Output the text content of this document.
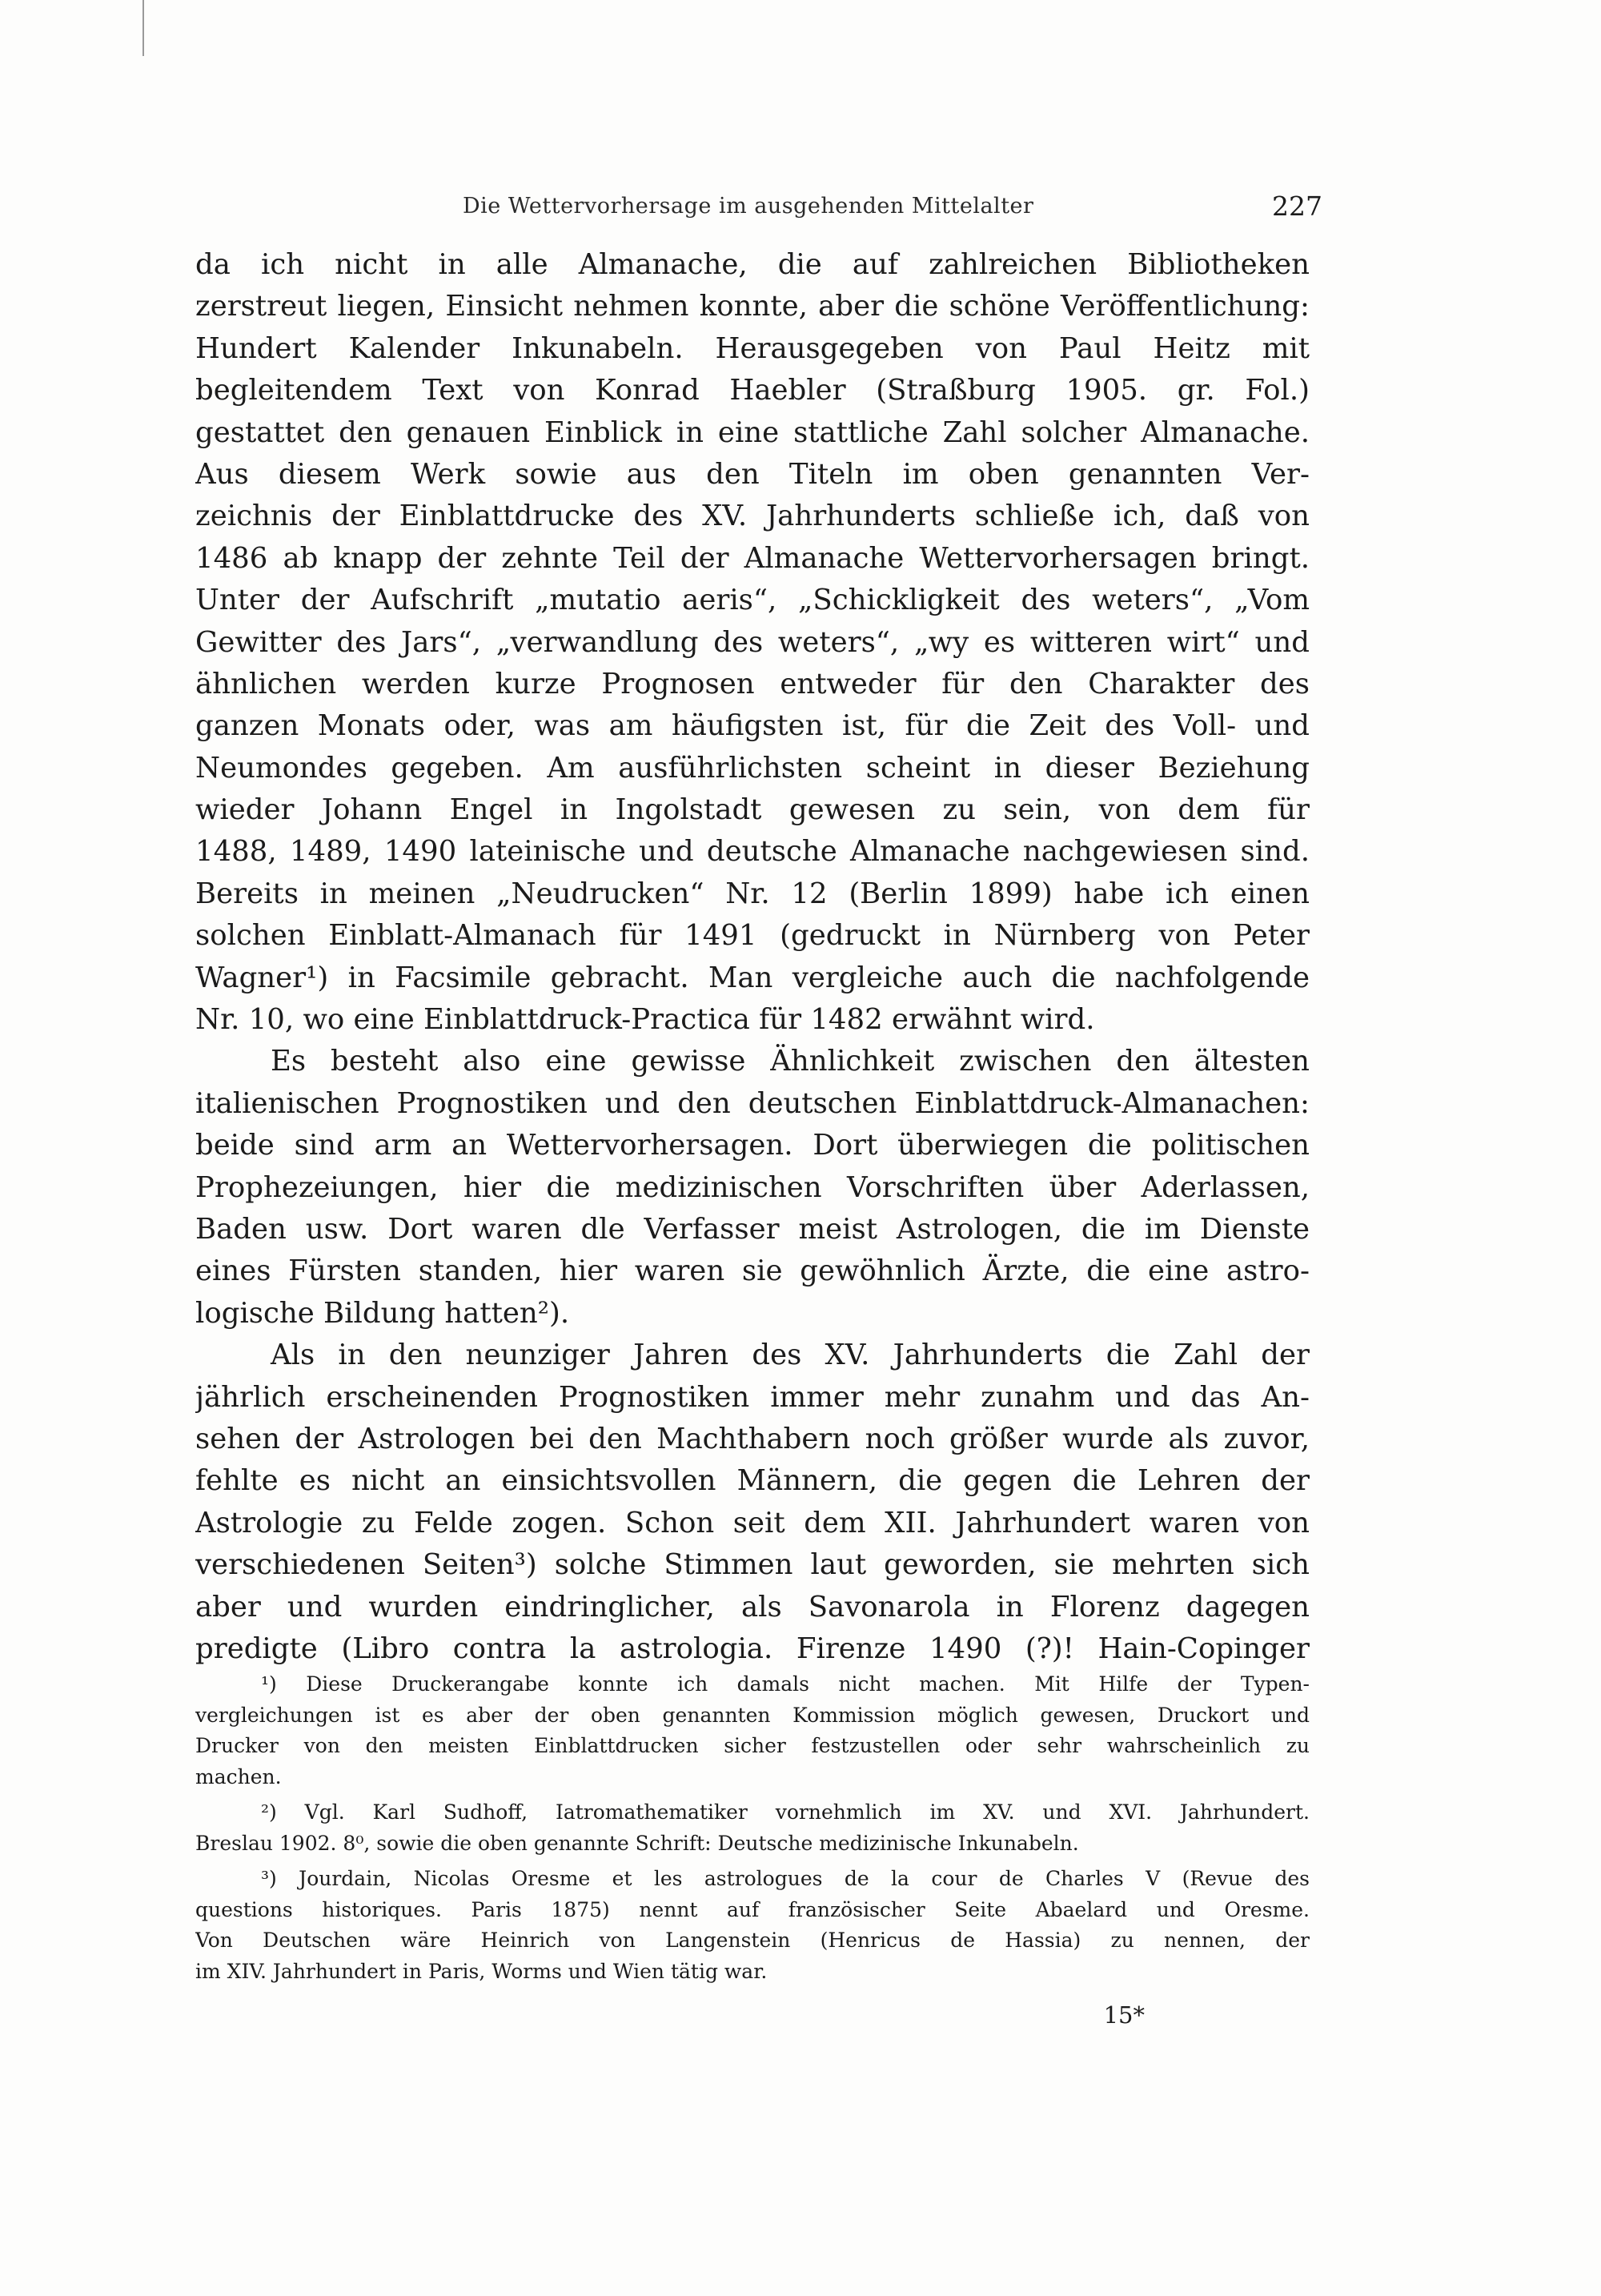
Die Wettervorhersage im ausgehenden Mittelalter	227
da ich nicht in alle Almanache, die auf zahlreichen Bibliotheken
zerstreut liegen, Einsicht nehmen konnte, aber die schöne Veröffentlichung:
Hundert Kalender Inkunabeln. Herausgegeben von Paul Heitz mit
begleitendem Text von Konrad Haebler (Straßburg 1905. gr. Fol.)
gestattet den genauen Einblick in eine stattliche Zahl solcher Almanache.
Aus diesem Werk sowie aus den Titeln im oben genannten Ver-
zeichnis der Einblattdrucke des XV. Jahrhunderts schließe ich, daß von
1486 ab knapp der zehnte Teil der Almanache Wettervorhersagen bringt.
Unter der Aufschrift „mutatio aeris“, „Schickligkeit des weters“, „Vom
Gewitter des Jars“, „verwandlung des weters“, „wy es witteren wirt“ und
ähnlichen werden kurze Prognosen entweder für den Charakter des
ganzen Monats oder, was am häufigsten ist, für die Zeit des Voll- und
Neumondes gegeben. Am ausführlichsten scheint in dieser Beziehung
wieder Johann Engel in Ingolstadt gewesen zu sein, von dem für
1488, 1489, 1490 lateinische und deutsche Almanache nachgewiesen sind.
Bereits in meinen „Neudrucken“ Nr. 12 (Berlin 1899) habe ich einen
solchen Einblatt-Almanach für 1491 (gedruckt in Nürnberg von Peter
Wagner¹) in Facsimile gebracht. Man vergleiche auch die nachfolgende
Nr. 10, wo eine Einblattdruck-Practica für 1482 erwähnt wird.
Es besteht also eine gewisse Ähnlichkeit zwischen den ältesten
italienischen Prognostiken und den deutschen Einblattdruck-Almanachen:
beide sind arm an Wettervorhersagen. Dort überwiegen die politischen
Prophezeiungen, hier die medizinischen Vorschriften über Aderlassen,
Baden usw. Dort waren dle Verfasser meist Astrologen, die im Dienste
eines Fürsten standen, hier waren sie gewöhnlich Ärzte, die eine astro-
logische Bildung hatten²).
Als in den neunziger Jahren des XV. Jahrhunderts die Zahl der
jährlich erscheinenden Prognostiken immer mehr zunahm und das An-
sehen der Astrologen bei den Machthabern noch größer wurde als zuvor,
fehlte es nicht an einsichtsvollen Männern, die gegen die Lehren der
Astrologie zu Felde zogen. Schon seit dem XII. Jahrhundert waren von
verschiedenen Seiten³) solche Stimmen laut geworden, sie mehrten sich
aber und wurden eindringlicher, als Savonarola in Florenz dagegen
predigte (Libro contra la astrologia. Firenze 1490 (?)! Hain-Copinger
¹) Diese Druckerangabe konnte ich damals nicht machen. Mit Hilfe der Typen-
vergleichungen ist es aber der oben genannten Kommission möglich gewesen, Druckort und
Drucker von den meisten Einblattdrucken sicher festzustellen oder sehr wahrscheinlich zu
machen.
²) Vgl. Karl Sudhoff, Iatromathematiker vornehmlich im XV. und XVI. Jahrhundert.
Breslau 1902. 8⁰, sowie die oben genannte Schrift: Deutsche medizinische Inkunabeln.
³) Jourdain, Nicolas Oresme et les astrologues de la cour de Charles V (Revue des
questions historiques. Paris 1875) nennt auf französischer Seite Abaelard und Oresme.
Von Deutschen wäre Heinrich von Langenstein (Henricus de Hassia) zu nennen, der
im XIV. Jahrhundert in Paris, Worms und Wien tätig war.
15*
